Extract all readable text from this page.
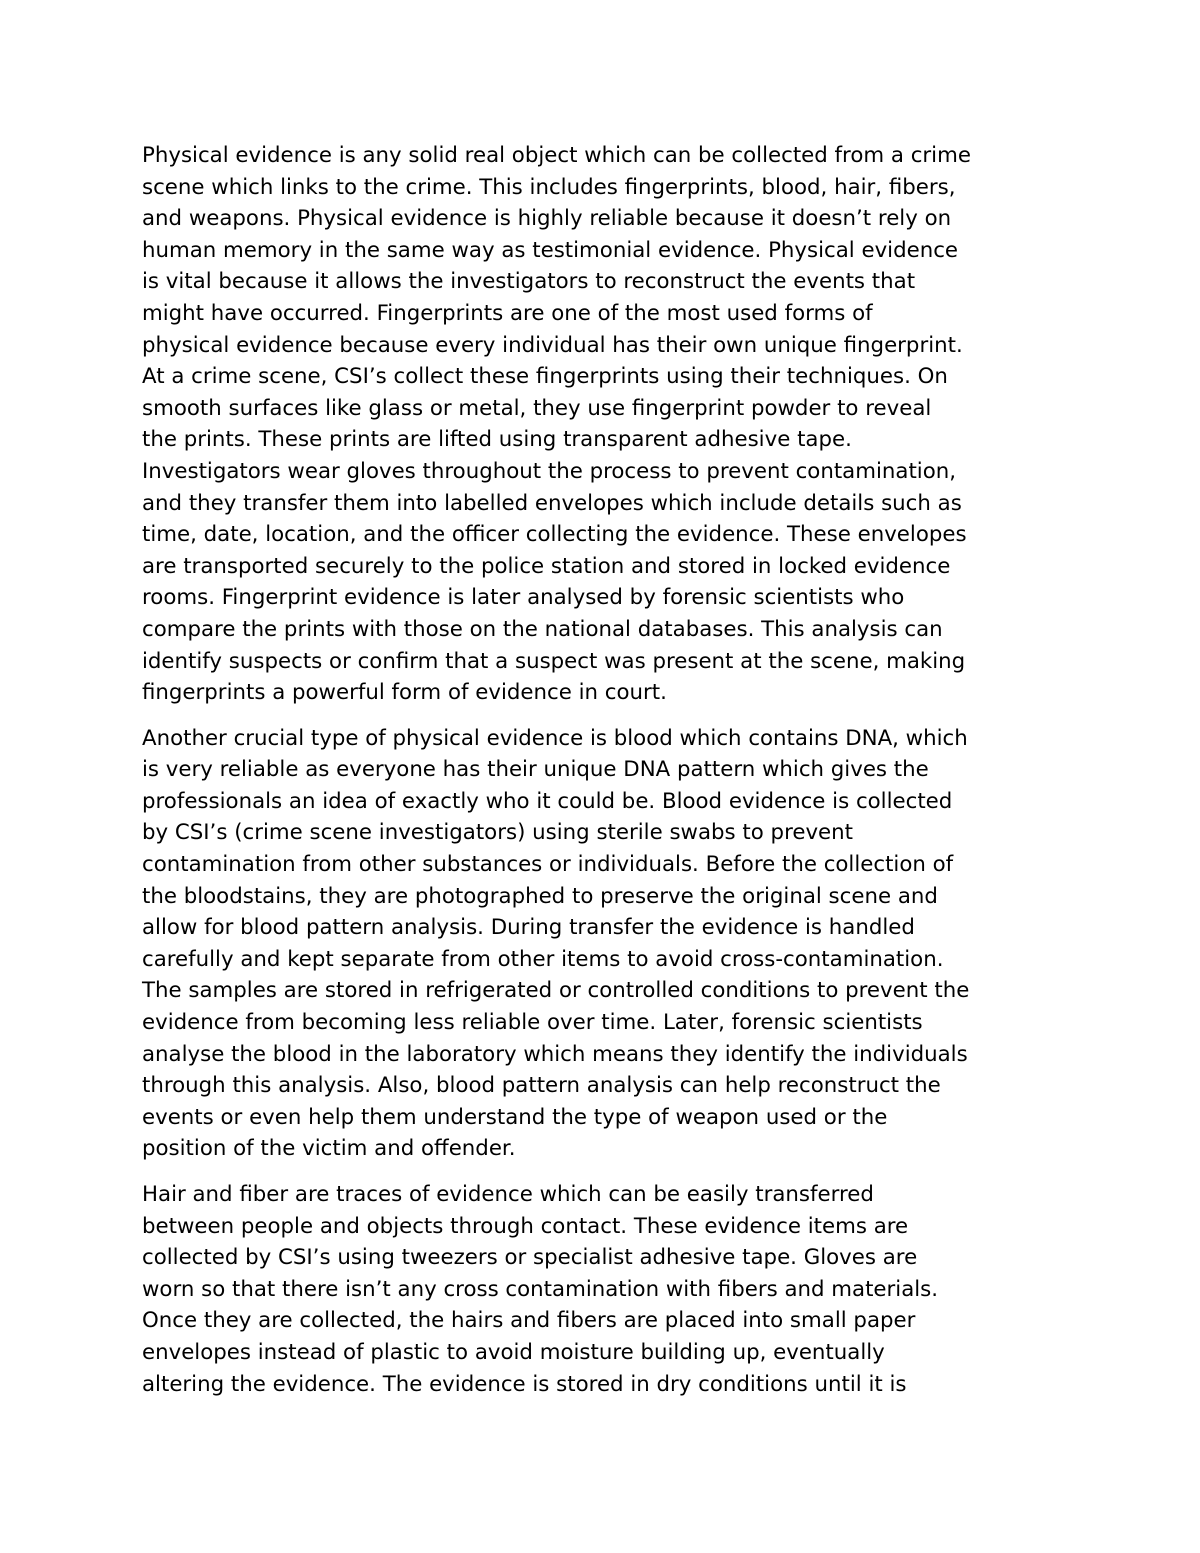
Physical evidence is any solid real object which can be collected from a crime
scene which links to the crime. This includes fingerprints, blood, hair, fibers,
and weapons. Physical evidence is highly reliable because it doesn’t rely on
human memory in the same way as testimonial evidence. Physical evidence
is vital because it allows the investigators to reconstruct the events that
might have occurred. Fingerprints are one of the most used forms of
physical evidence because every individual has their own unique fingerprint.
At a crime scene, CSI’s collect these fingerprints using their techniques. On
smooth surfaces like glass or metal, they use fingerprint powder to reveal
the prints. These prints are lifted using transparent adhesive tape.
Investigators wear gloves throughout the process to prevent contamination,
and they transfer them into labelled envelopes which include details such as
time, date, location, and the officer collecting the evidence. These envelopes
are transported securely to the police station and stored in locked evidence
rooms. Fingerprint evidence is later analysed by forensic scientists who
compare the prints with those on the national databases. This analysis can
identify suspects or confirm that a suspect was present at the scene, making
fingerprints a powerful form of evidence in court.
Another crucial type of physical evidence is blood which contains DNA, which
is very reliable as everyone has their unique DNA pattern which gives the
professionals an idea of exactly who it could be. Blood evidence is collected
by CSI’s (crime scene investigators) using sterile swabs to prevent
contamination from other substances or individuals. Before the collection of
the bloodstains, they are photographed to preserve the original scene and
allow for blood pattern analysis. During transfer the evidence is handled
carefully and kept separate from other items to avoid cross-contamination.
The samples are stored in refrigerated or controlled conditions to prevent the
evidence from becoming less reliable over time. Later, forensic scientists
analyse the blood in the laboratory which means they identify the individuals
through this analysis. Also, blood pattern analysis can help reconstruct the
events or even help them understand the type of weapon used or the
position of the victim and offender.
Hair and fiber are traces of evidence which can be easily transferred
between people and objects through contact. These evidence items are
collected by CSI’s using tweezers or specialist adhesive tape. Gloves are
worn so that there isn’t any cross contamination with fibers and materials.
Once they are collected, the hairs and fibers are placed into small paper
envelopes instead of plastic to avoid moisture building up, eventually
altering the evidence. The evidence is stored in dry conditions until it is
